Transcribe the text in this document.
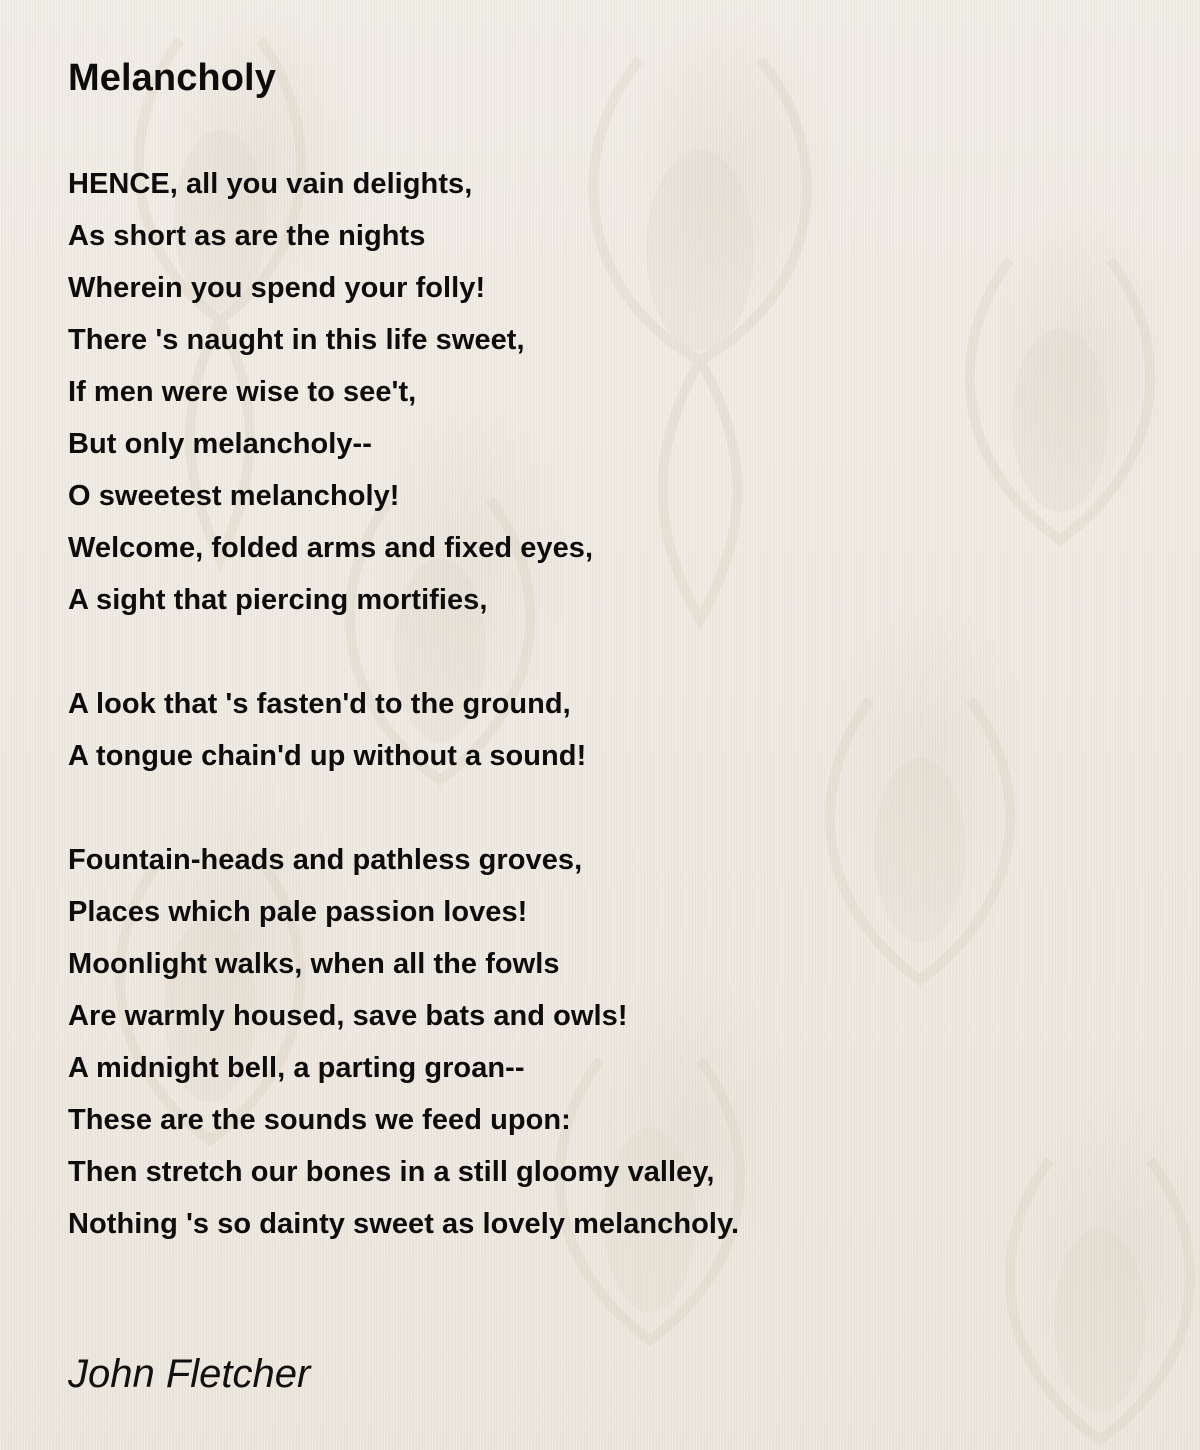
Melancholy
HENCE, all you vain delights,
As short as are the nights
Wherein you spend your folly!
There 's naught in this life sweet,
If men were wise to see't,
But only melancholy--
O sweetest melancholy!
Welcome, folded arms and fixed eyes,
A sight that piercing mortifies,
A look that 's fasten'd to the ground,
A tongue chain'd up without a sound!
Fountain-heads and pathless groves,
Places which pale passion loves!
Moonlight walks, when all the fowls
Are warmly housed, save bats and owls!
A midnight bell, a parting groan--
These are the sounds we feed upon:
Then stretch our bones in a still gloomy valley,
Nothing 's so dainty sweet as lovely melancholy.

John Fletcher
